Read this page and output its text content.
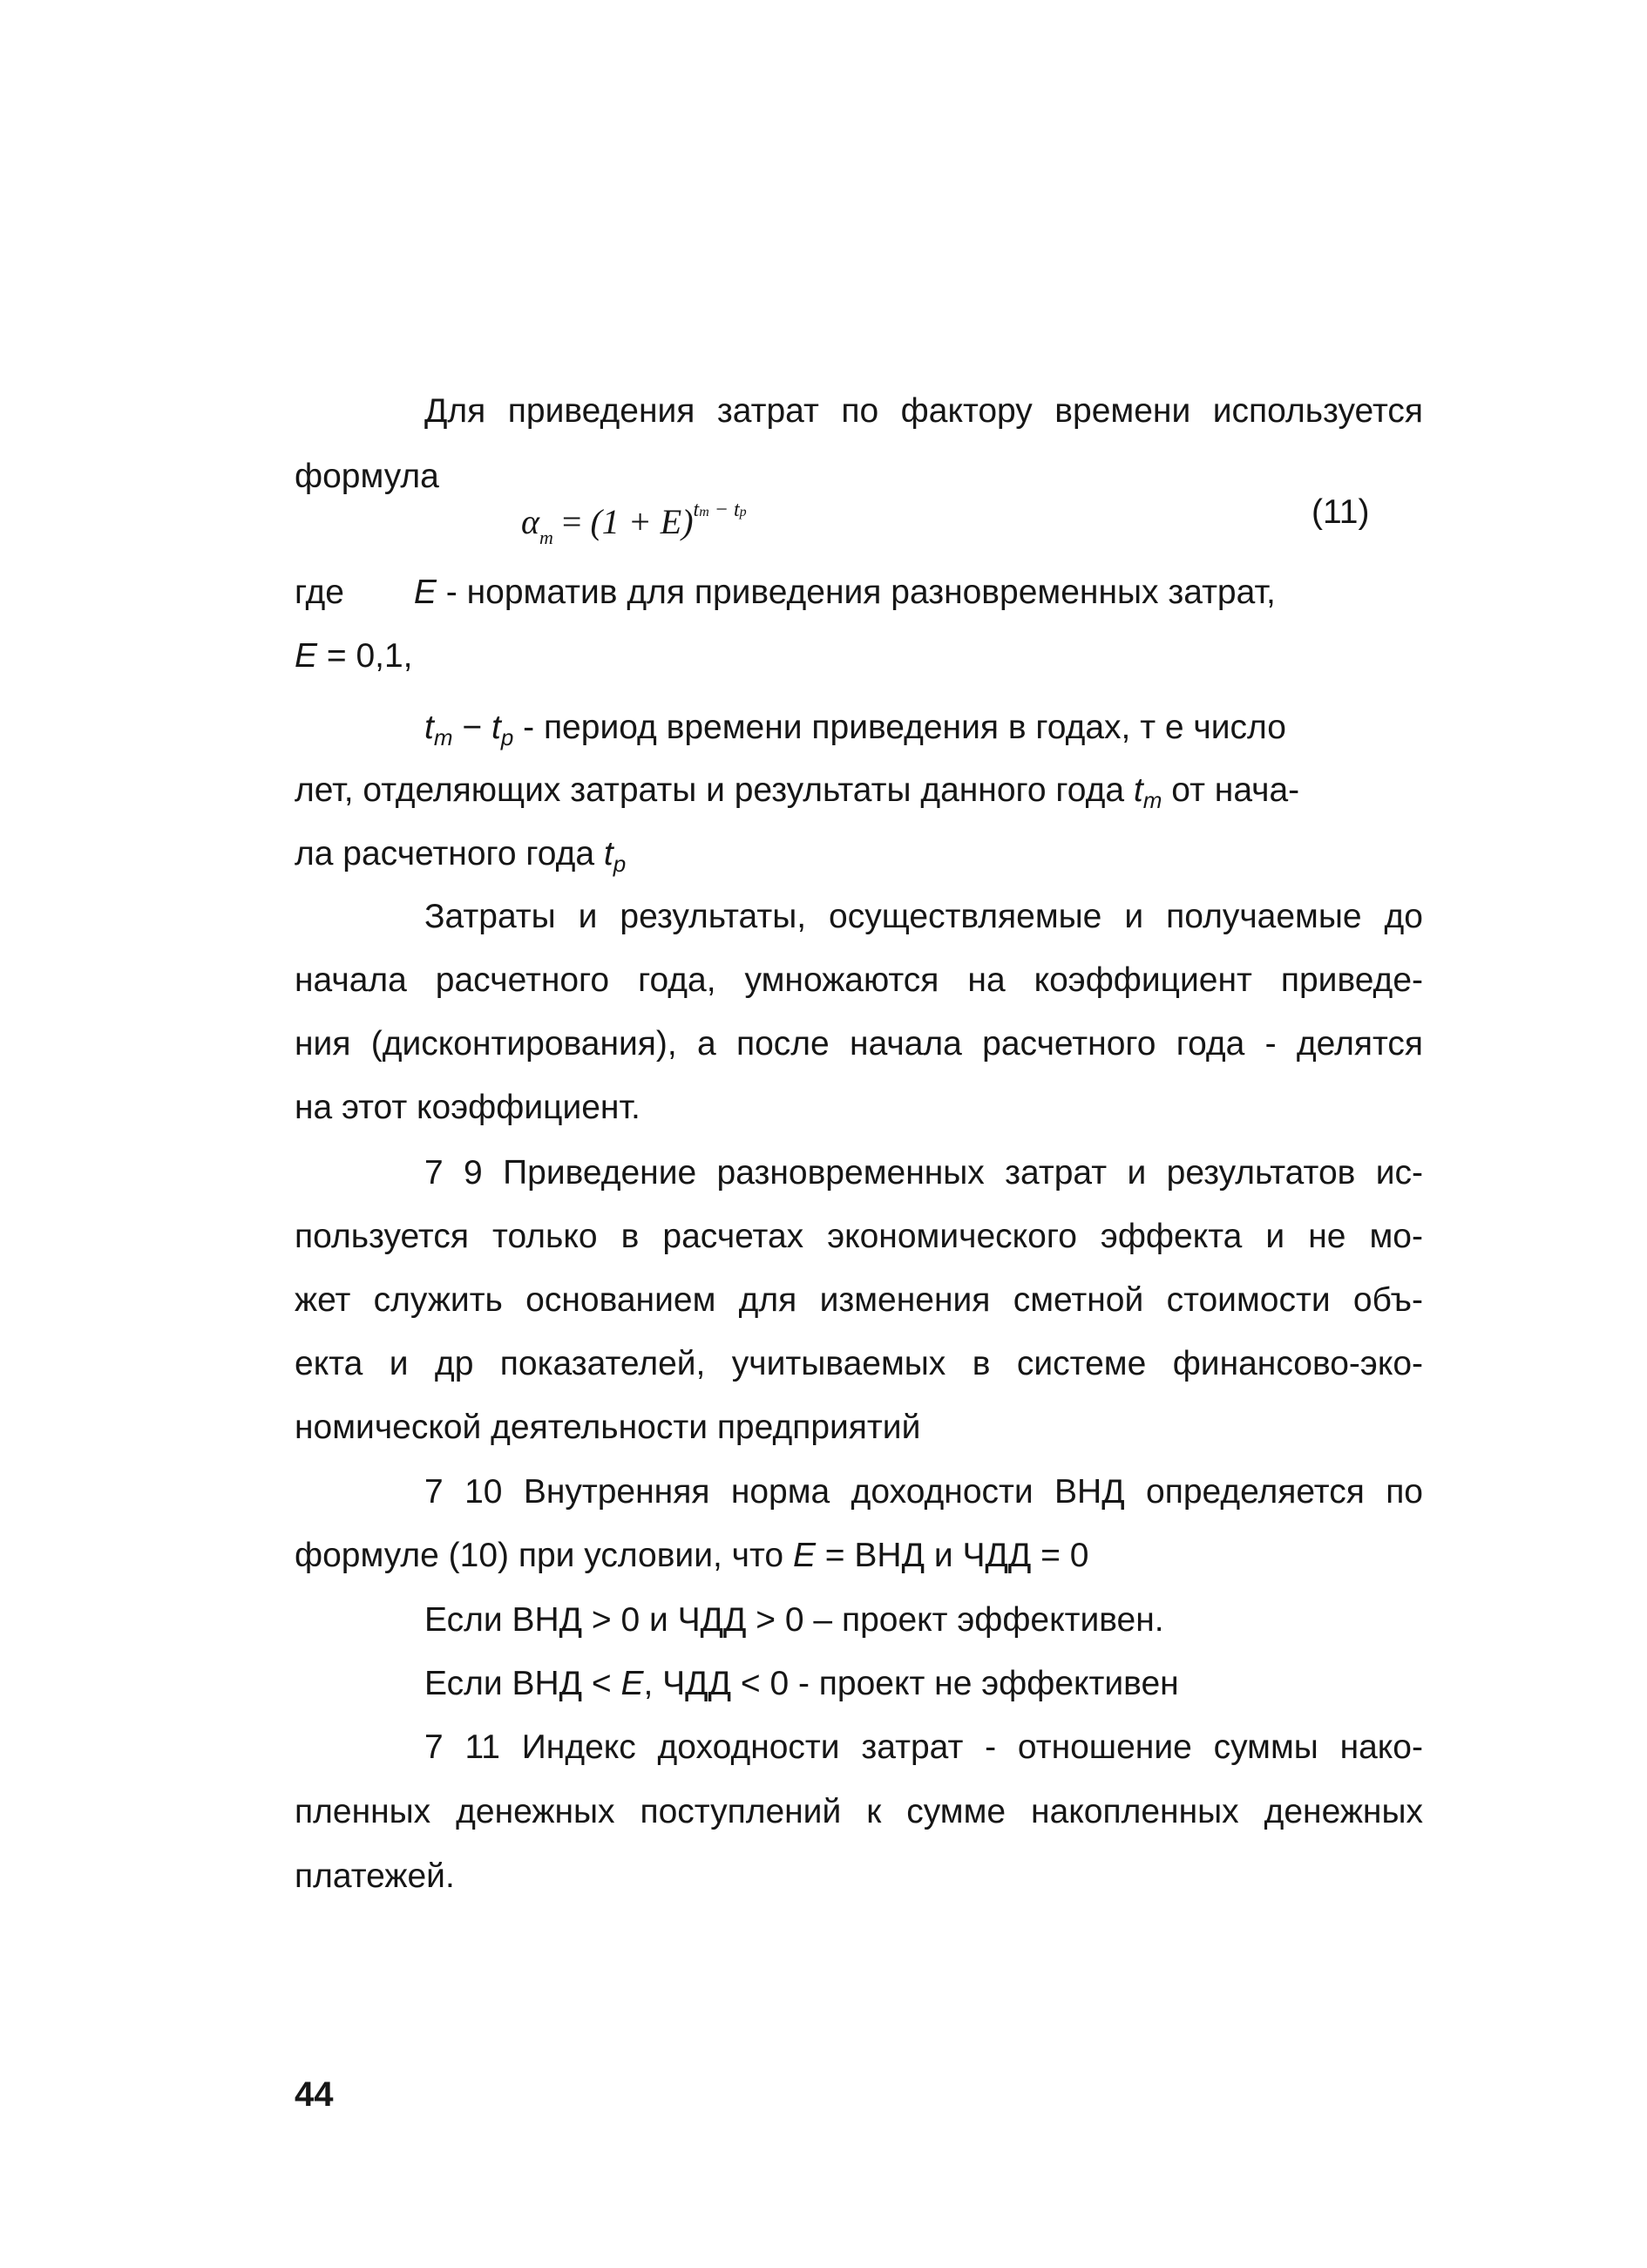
Для приведения затрат по фактору времени используется
формула
$\alpha_m = (1 + E)^{tm - tp}$	(11)
где E - норматив для приведения разновременных затрат,
E = 0,1,
$t_m - t_p$ - период времени приведения в годах, т е число
лет, отделяющих затраты и результаты данного года $t_m$ от нача-
ла расчетного года $t_p$
Затраты и результаты, осуществляемые и получаемые до
начала расчетного года, умножаются на коэффициент приведе-
ния (дисконтирования), а после начала расчетного года - делятся
на этот коэффициент.
7 9 Приведение разновременных затрат и результатов ис-
пользуется только в расчетах экономического эффекта и не мо-
жет служить основанием для изменения сметной стоимости объ-
екта и др показателей, учитываемых в системе финансово-эко-
номической деятельности предприятий
7 10 Внутренняя норма доходности ВНД определяется по
формуле (10) при условии, что E = ВНД и ЧДД = 0
Если ВНД > 0 и ЧДД > 0 – проект эффективен.
Если ВНД < E, ЧДД < 0 - проект не эффективен
7 11 Индекс доходности затрат - отношение суммы нако-
пленных денежных поступлений к сумме накопленных денежных
платежей.
44
